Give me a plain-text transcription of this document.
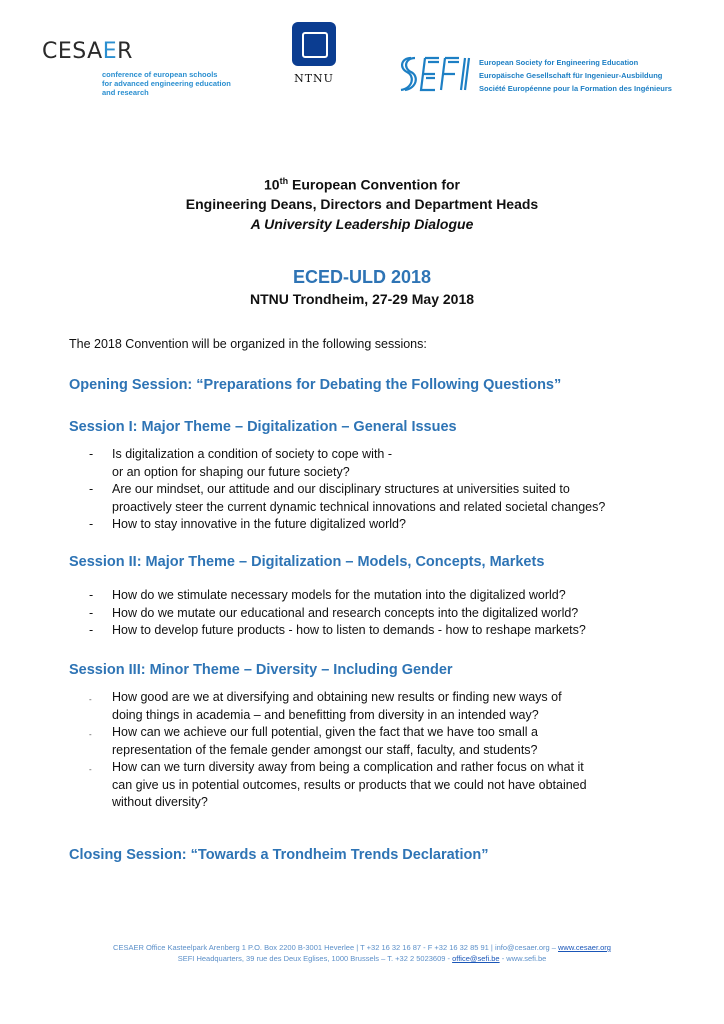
CESAER
conference of european schools
for advanced engineering education
and research
NTNU
European Society for Engineering Education
Europäische Gesellschaft für Ingenieur-Ausbildung
Société Européenne pour la Formation des Ingénieurs
10th European Convention for
Engineering Deans, Directors and Department Heads
A University Leadership Dialogue
ECED-ULD 2018
NTNU Trondheim, 27-29 May 2018
The 2018 Convention will be organized in the following sessions:
Opening Session: “Preparations for Debating the Following Questions”
Session I: Major Theme – Digitalization – General Issues
- Is digitalization a condition of society to cope with -
or an option for shaping our future society?
- Are our mindset, our attitude and our disciplinary structures at universities suited to
proactively steer the current dynamic technical innovations and related societal changes?
- How to stay innovative in the future digitalized world?
Session II: Major Theme – Digitalization – Models, Concepts, Markets
- How do we stimulate necessary models for the mutation into the digitalized world?
- How do we mutate our educational and research concepts into the digitalized world?
- How to develop future products - how to listen to demands - how to reshape markets?
Session III: Minor Theme – Diversity – Including Gender
- How good are we at diversifying and obtaining new results or finding new ways of
doing things in academia – and benefitting from diversity in an intended way?
- How can we achieve our full potential, given the fact that we have too small a
representation of the female gender amongst our staff, faculty, and students?
- How can we turn diversity away from being a complication and rather focus on what it
can give us in potential outcomes, results or products that we could not have obtained
without diversity?
Closing Session: “Towards a Trondheim Trends Declaration”
CESAER Office Kasteelpark Arenberg 1 P.O. Box 2200 B-3001 Heverlee | T +32 16 32 16 87 - F +32 16 32 85 91 | info@cesaer.org – www.cesaer.org
SEFI Headquarters, 39 rue des Deux Eglises, 1000 Brussels – T. +32 2 5023609 - office@sefi.be - www.sefi.be
